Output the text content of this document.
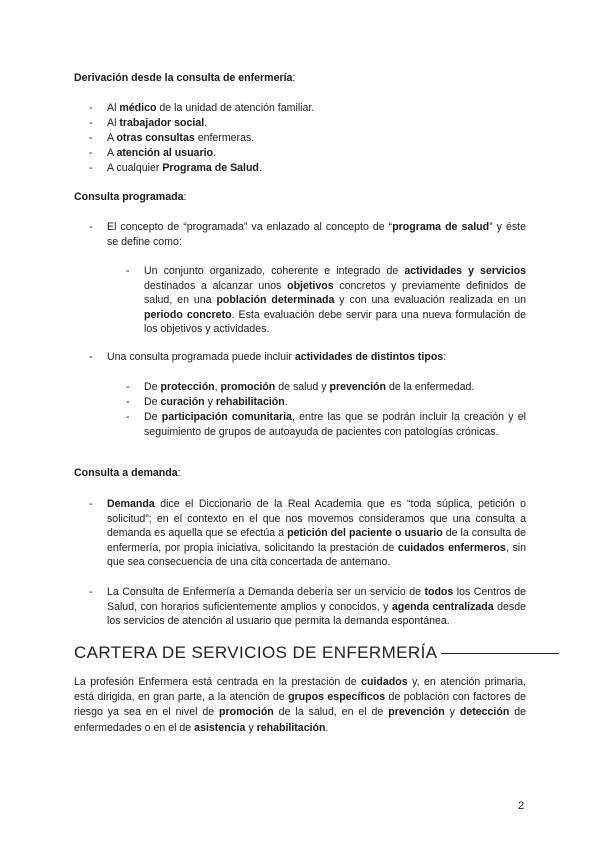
Derivación desde la consulta de enfermería:
- Al médico de la unidad de atención familiar.
- Al trabajador social.
- A otras consultas enfermeras.
- A atención al usuario.
- A cualquier Programa de Salud.
Consulta programada:
- El concepto de “programada” va enlazado al concepto de “programa de salud” y éste se define como:
- Un conjunto organizado, coherente e integrado de actividades y servicios destinados a alcanzar unos objetivos concretos y previamente definidos de salud, en una población determinada y con una evaluación realizada en un periodo concreto. Esta evaluación debe servir para una nueva formulación de los objetivos y actividades.
- Una consulta programada puede incluir actividades de distintos tipos:
- De protección, promoción de salud y prevención de la enfermedad.
- De curación y rehabilitación.
- De participación comunitaria, entre las que se podrán incluir la creación y el seguimiento de grupos de autoayuda de pacientes con patologías crónicas.
Consulta a demanda:
- Demanda dice el Diccionario de la Real Academia que es “toda súplica, petición o solicitud”; en el contexto en el que nos movemos consideramos que una consulta a demanda es aquella que se efectúa a petición del paciente o usuario de la consulta de enfermería, por propia iniciativa, solicitando la prestación de cuidados enfermeros, sin que sea consecuencia de una cita concertada de antemano.
- La Consulta de Enfermería a Demanda debería ser un servicio de todos los Centros de Salud, con horarios suficientemente amplios y conocidos, y agenda centralizada desde los servicios de atención al usuario que permita la demanda espontánea.
CARTERA DE SERVICIOS DE ENFERMERÍA
La profesión Enfermera está centrada en la prestación de cuidados y, en atención primaria, está dirigida, en gran parte, a la atención de grupos específicos de población con factores de riesgo ya sea en el nivel de promoción de la salud, en el de prevención y detección de enfermedades o en el de asistencia y rehabilitación.
2
